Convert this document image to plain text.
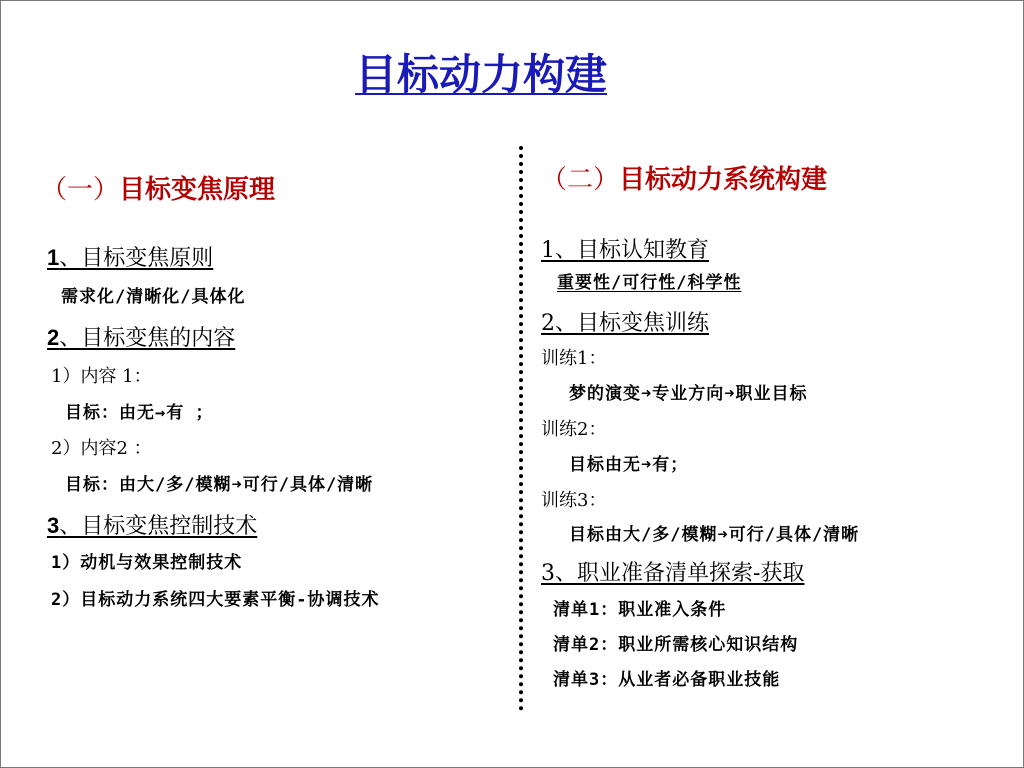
目标动力构建
（一）目标变焦原理
1、目标变焦原则
需求化/清晰化/具体化
2、目标变焦的内容
1）内容 1：
目标：由无→有 ；
2）内容2 ：
目标：由大/多/模糊➜可行/具体/清晰
3、目标变焦控制技术
1）动机与效果控制技术
2）目标动力系统四大要素平衡-协调技术
（二）目标动力系统构建
1、目标认知教育
重要性/可行性/科学性
2、目标变焦训练
训练1：
梦的演变➜专业方向➜职业目标
训练2：
目标由无➜有；
训练3：
目标由大/多/模糊➜可行/具体/清晰
3、职业准备清单探索-获取
清单1：职业准入条件
清单2：职业所需核心知识结构
清单3：从业者必备职业技能
